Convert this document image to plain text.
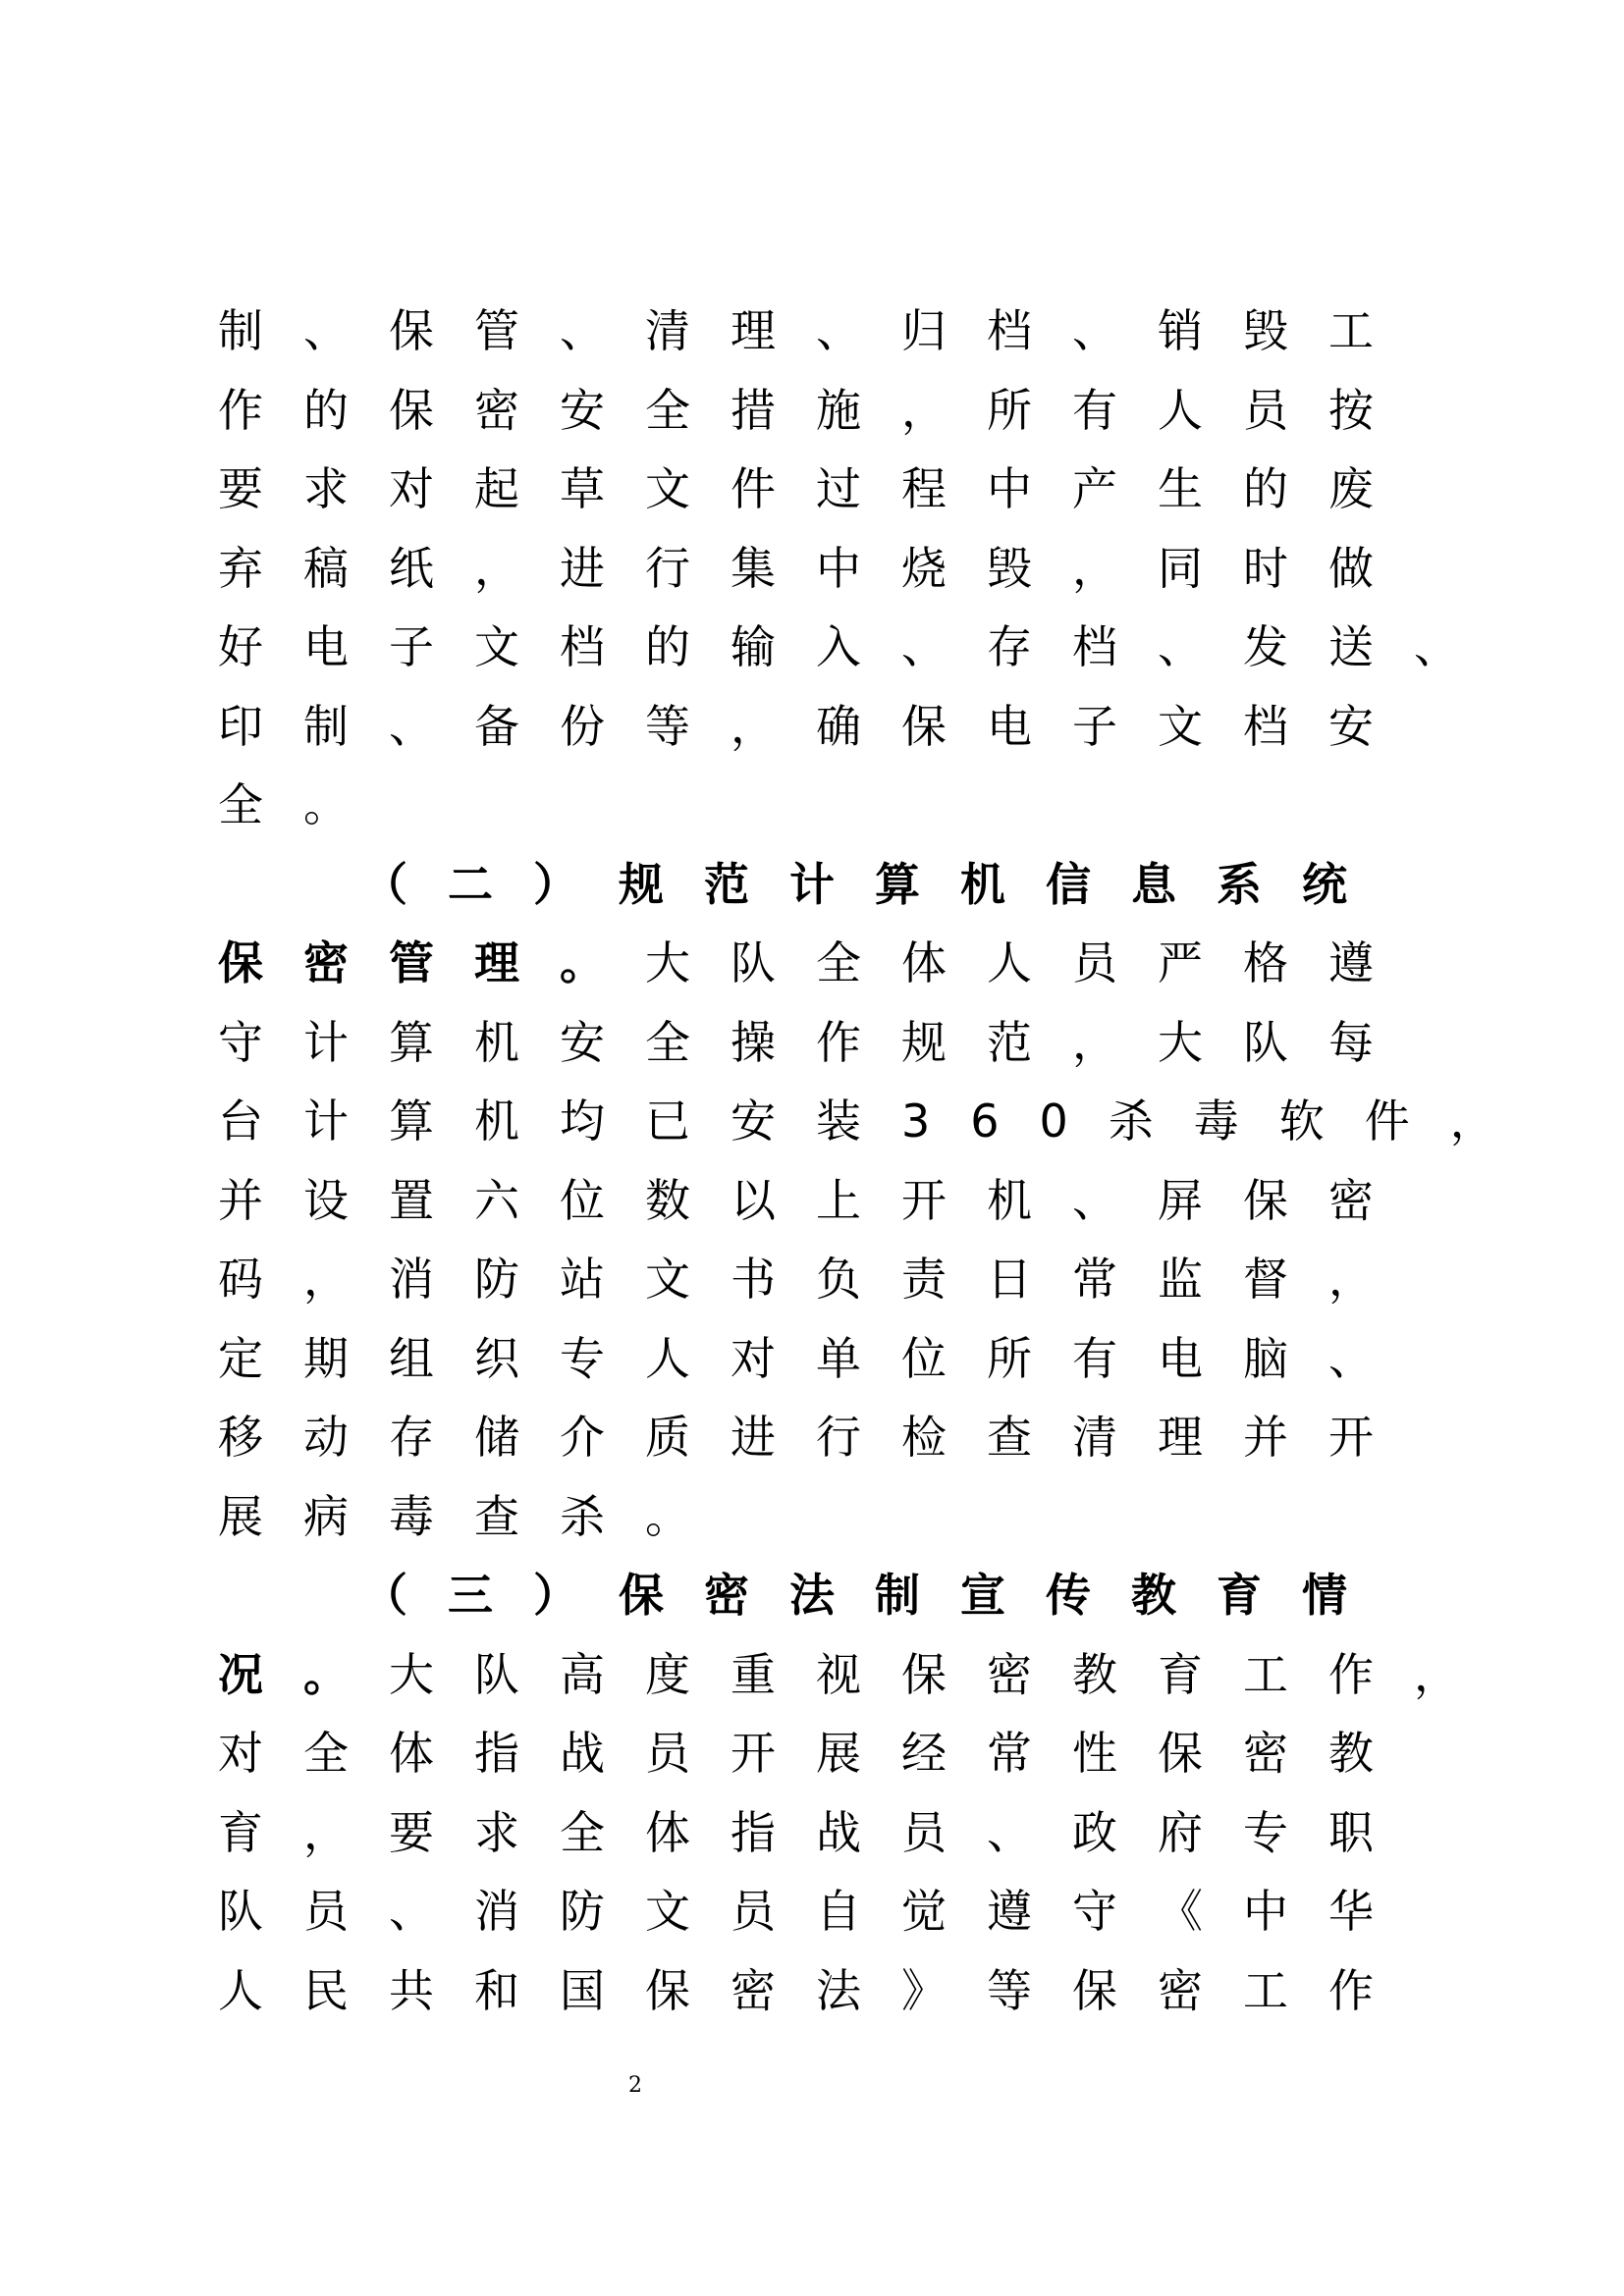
制、保管、清理、归档、销毁工
作的保密安全措施，所有人员按
要求对起草文件过程中产生的废
弃稿纸，进行集中烧毁，同时做
好电子文档的输入、存档、发送、
印制、备份等，确保电子文档安
全。
（二）规范计算机信息系统
保密管理。大队全体人员严格遵
守计算机安全操作规范，大队每
台计算机均已安装360杀毒软件，
并设置六位数以上开机、屏保密
码，消防站文书负责日常监督，
定期组织专人对单位所有电脑、
移动存储介质进行检查清理并开
展病毒查杀。
（三）保密法制宣传教育情
况。大队高度重视保密教育工作，
对全体指战员开展经常性保密教
育，要求全体指战员、政府专职
队员、消防文员自觉遵守《中华
人民共和国保密法》等保密工作
2
